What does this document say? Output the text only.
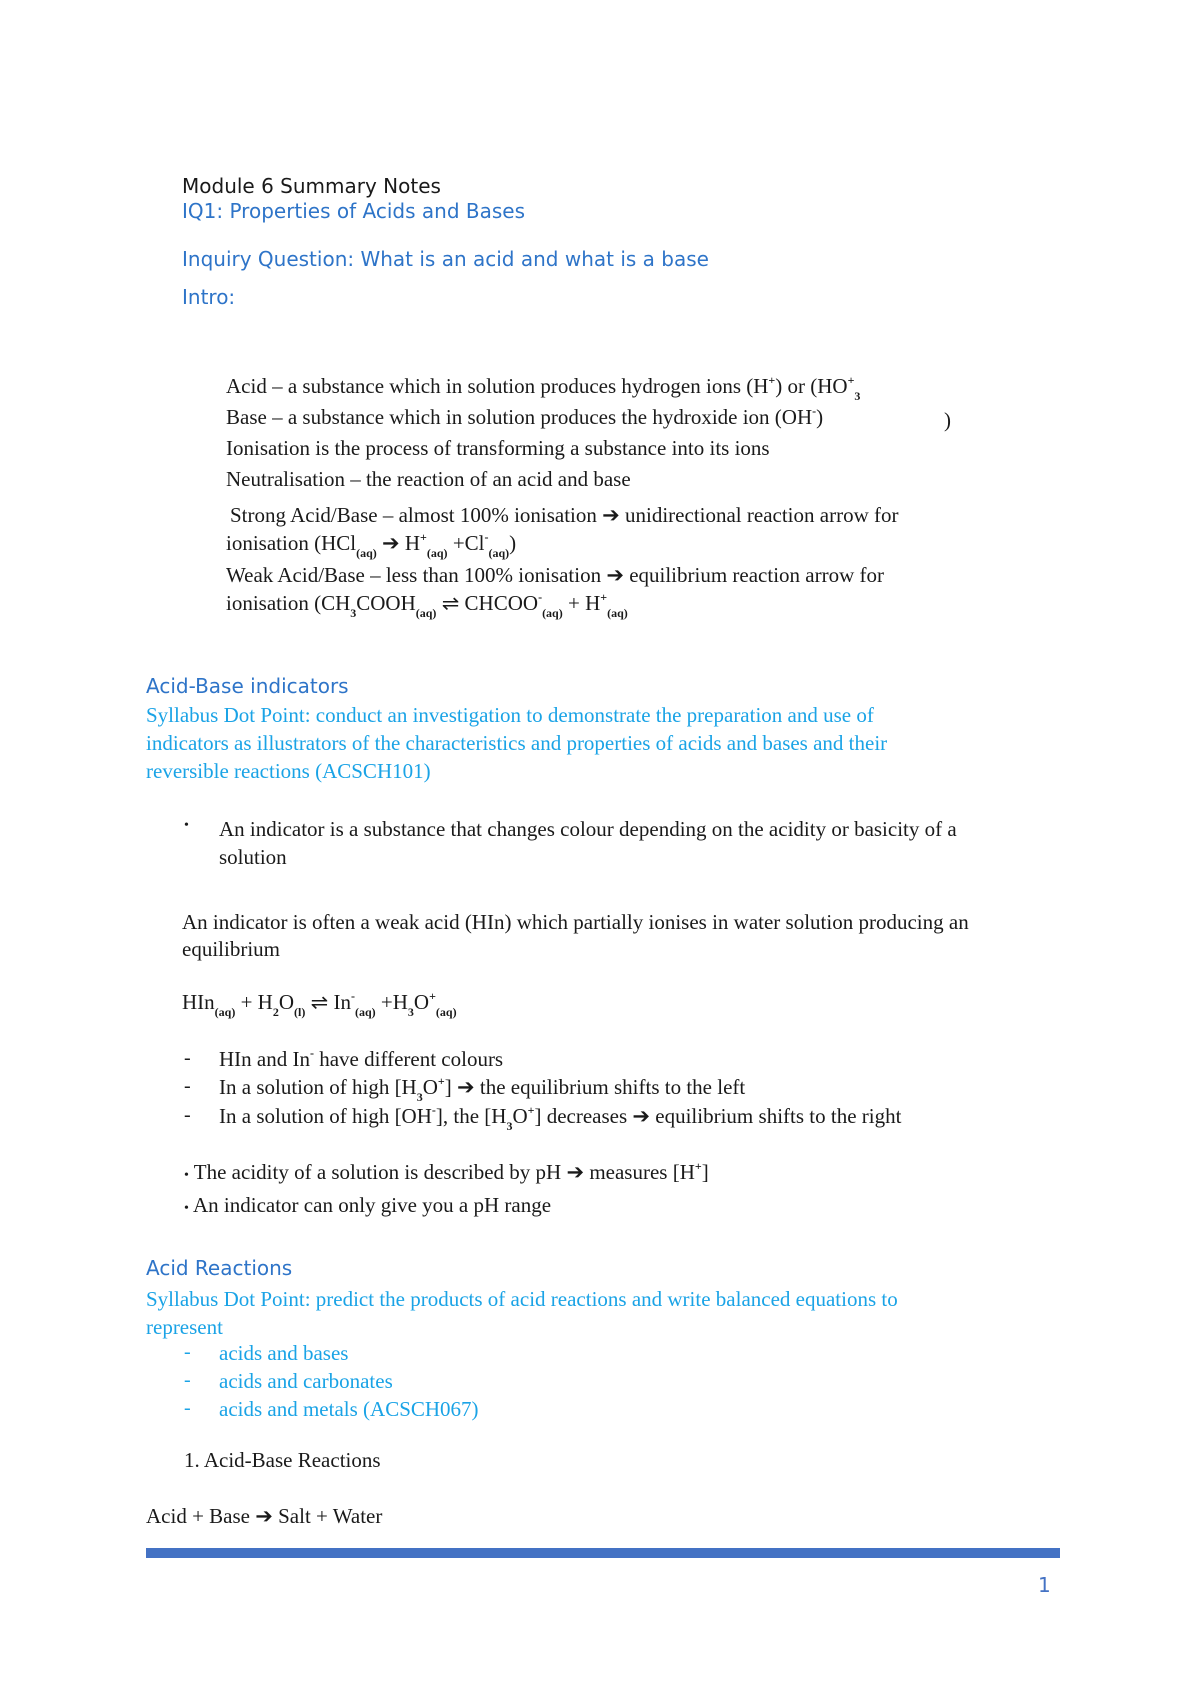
Module 6 Summary Notes
IQ1: Properties of Acids and Bases
Inquiry Question: What is an acid and what is a base
Intro:
Acid – a substance which in solution produces hydrogen ions (H+) or ($HO^+_3$
Base – a substance which in solution produces the hydroxide ion (OH-)	)
Ionisation is the process of transforming a substance into its ions
Neutralisation – the reaction of an acid and base
Strong Acid/Base – almost 100% ionisation ➔ unidirectional reaction arrow for
ionisation (HCl$_{(aq)}$ ➔ $H^+_{(aq)} +Cl^-_{(aq)}$)
Weak Acid/Base – less than 100% ionisation ➔ equilibrium reaction arrow for
ionisation ($CH_3COOH_{(aq)}$ ⇌ $CHCOO^-_{(aq)} + H^+_{(aq)}$
Acid-Base indicators
Syllabus Dot Point: conduct an investigation to demonstrate the preparation and use of
indicators as illustrators of the characteristics and properties of acids and bases and their
reversible reactions (ACSCH101)
• An indicator is a substance that changes colour depending on the acidity or basicity of a
solution
An indicator is often a weak acid (HIn) which partially ionises in water solution producing an
equilibrium
$HIn_{(aq)} + H_2O_{(l)}$ ⇌ $In^-_{(aq)} +H_3O^+_{(aq)}$
- HIn and In- have different colours
- In a solution of high $[H_3O^+]$ ➔ the equilibrium shifts to the left
- In a solution of high [OH-], the $[H_3O^+]$ decreases ➔ equilibrium shifts to the right
• The acidity of a solution is described by pH ➔ measures [H+]
• An indicator can only give you a pH range
Acid Reactions
Syllabus Dot Point: predict the products of acid reactions and write balanced equations to
represent
- acids and bases
- acids and carbonates
- acids and metals (ACSCH067)
1. Acid-Base Reactions
Acid + Base ➔ Salt + Water
1
